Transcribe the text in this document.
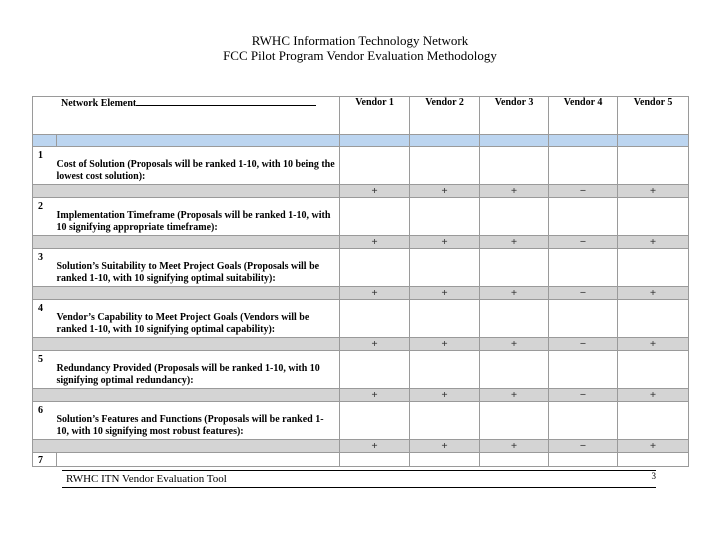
RWHC Information Technology Network
FCC Pilot Program Vendor Evaluation Methodology
Network Element		Vendor 1	Vendor 2	Vendor 3	Vendor 4	Vendor 5

1	Cost of Solution (Proposals will be ranked 1-10, with 10 being the lowest cost solution):					
		+	+	+	−	+
2	Implementation Timeframe (Proposals will be ranked 1-10, with 10 signifying appropriate timeframe):					
		+	+	+	−	+
3	Solution’s Suitability to Meet Project Goals (Proposals will be ranked 1-10, with 10 signifying optimal suitability):					
		+	+	+	−	+
4	Vendor’s Capability to Meet Project Goals (Vendors will be ranked 1-10, with 10 signifying optimal capability):					
		+	+	+	−	+
5	Redundancy Provided (Proposals will be ranked 1-10, with 10 signifying optimal redundancy):					
		+	+	+	−	+
6	Solution’s Features and Functions (Proposals will be ranked 1-10, with 10 signifying most robust features):					
		+	+	+	−	+
7						
RWHC ITN Vendor Evaluation Tool	3
